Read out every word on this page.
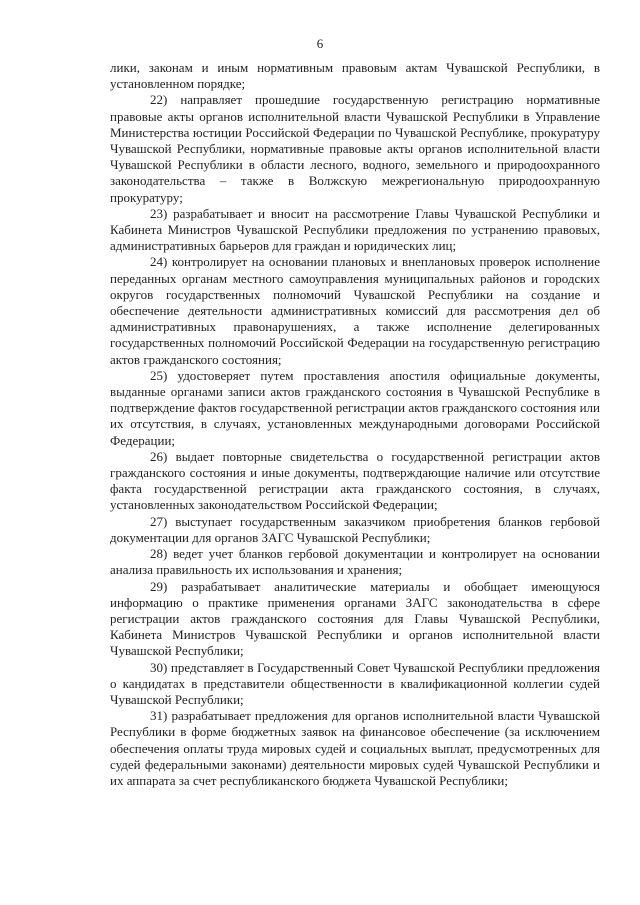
6

лики, законам и иным нормативным правовым актам Чувашской Республики, в установленном порядке;

22) направляет прошедшие государственную регистрацию нормативные правовые акты органов исполнительной власти Чувашской Республики в Управление Министерства юстиции Российской Федерации по Чувашской Республике, прокуратуру Чувашской Республики, нормативные правовые акты органов исполнительной власти Чувашской Республики в области лесного, водного, земельного и природоохранного законодательства – также в Волжскую межрегиональную природоохранную прокуратуру;

23) разрабатывает и вносит на рассмотрение Главы Чувашской Республики и Кабинета Министров Чувашской Республики предложения по устранению правовых, административных барьеров для граждан и юридических лиц;

24) контролирует на основании плановых и внеплановых проверок исполнение переданных органам местного самоуправления муниципальных районов и городских округов государственных полномочий Чувашской Республики на создание и обеспечение деятельности административных комиссий для рассмотрения дел об административных правонарушениях, а также исполнение делегированных государственных полномочий Российской Федерации на государственную регистрацию актов гражданского состояния;

25) удостоверяет путем проставления апостиля официальные документы, выданные органами записи актов гражданского состояния в Чувашской Республике в подтверждение фактов государственной регистрации актов гражданского состояния или их отсутствия, в случаях, установленных международными договорами Российской Федерации;

26) выдает повторные свидетельства о государственной регистрации актов гражданского состояния и иные документы, подтверждающие наличие или отсутствие факта государственной регистрации акта гражданского состояния, в случаях, установленных законодательством Российской Федерации;

27) выступает государственным заказчиком приобретения бланков гербовой документации для органов ЗАГС Чувашской Республики;

28) ведет учет бланков гербовой документации и контролирует на основании анализа правильность их использования и хранения;

29) разрабатывает аналитические материалы и обобщает имеющуюся информацию о практике применения органами ЗАГС законодательства в сфере регистрации актов гражданского состояния для Главы Чувашской Республики, Кабинета Министров Чувашской Республики и органов исполнительной власти Чувашской Республики;

30) представляет в Государственный Совет Чувашской Республики предложения о кандидатах в представители общественности в квалификационной коллегии судей Чувашской Республики;

31) разрабатывает предложения для органов исполнительной власти Чувашской Республики в форме бюджетных заявок на финансовое обеспечение (за исключением обеспечения оплаты труда мировых судей и социальных выплат, предусмотренных для судей федеральными законами) деятельности мировых судей Чувашской Республики и их аппарата за счет республиканского бюджета Чувашской Республики;
